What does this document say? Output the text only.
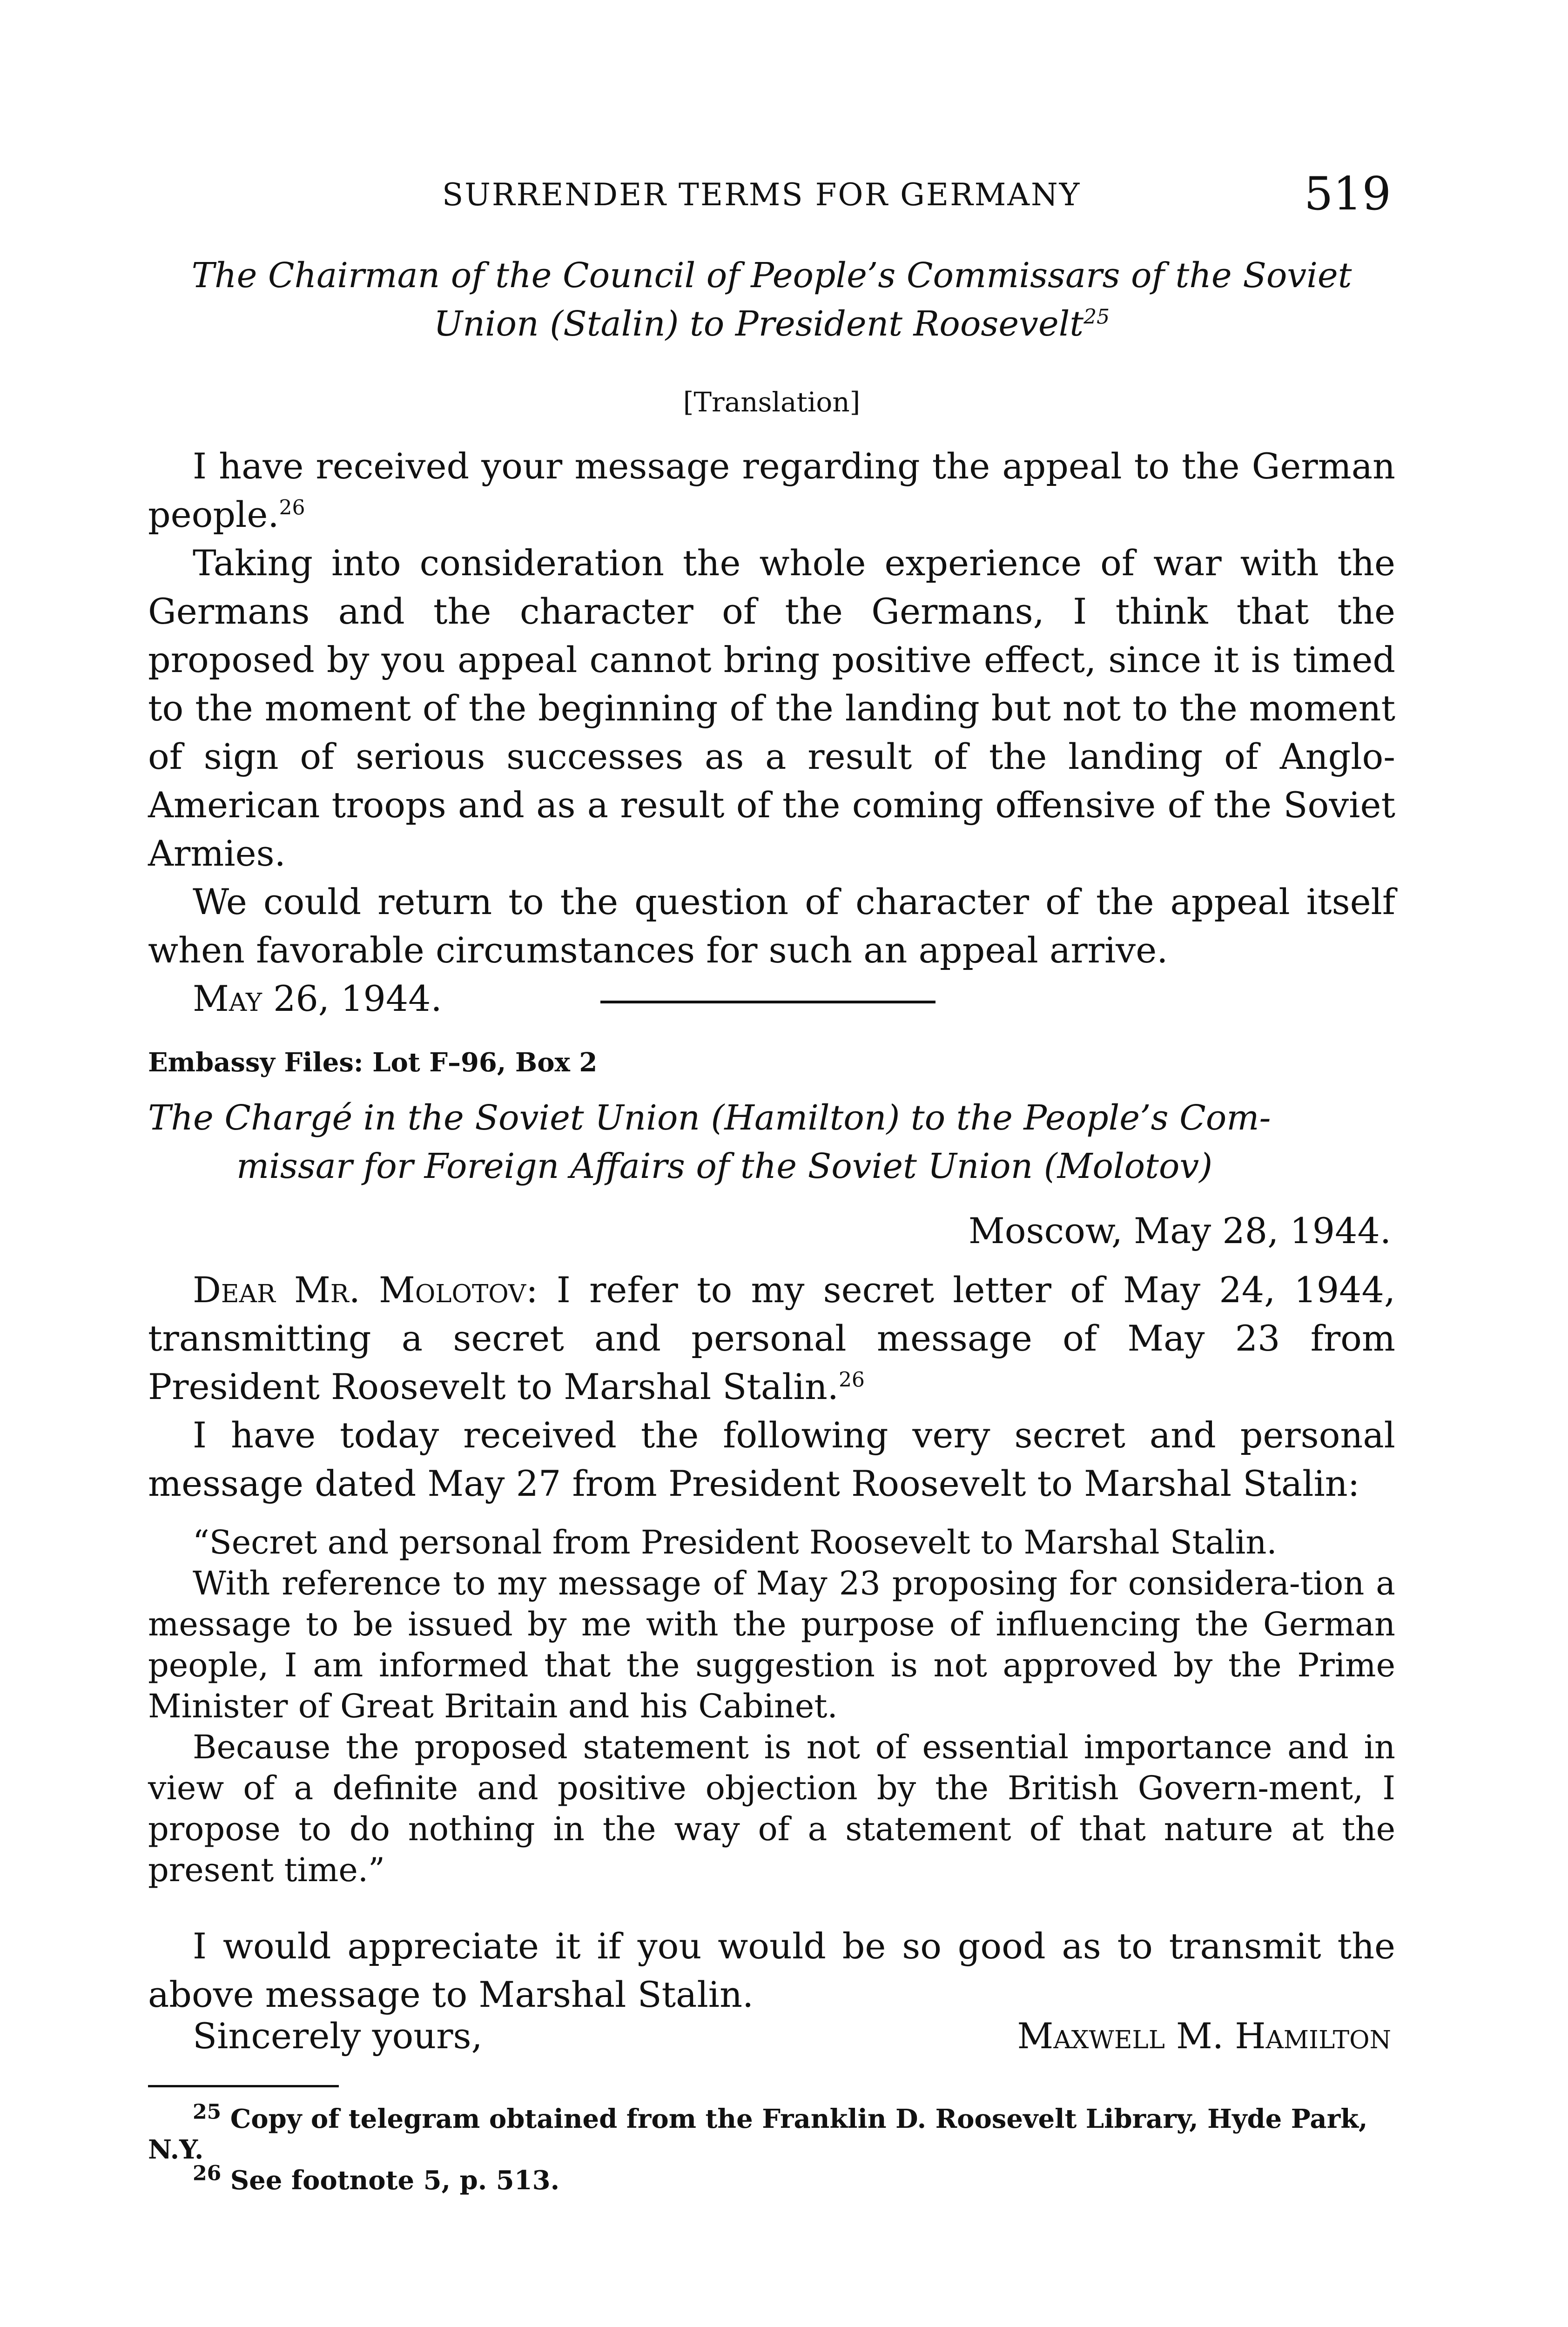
SURRENDER TERMS FOR GERMANY	519
The Chairman of the Council of People’s Commissars of the Soviet
Union (Stalin) to President Roosevelt$^{25}$
[Translation]
I have received your message regarding the appeal to the German people.$^{26}$
Taking into consideration the whole experience of war with the Germans and the character of the Germans, I think that the proposed by you appeal cannot bring positive effect, since it is timed to the moment of the beginning of the landing but not to the moment of sign of serious successes as a result of the landing of Anglo-American troops and as a result of the coming offensive of the Soviet Armies.
We could return to the question of character of the appeal itself when favorable circumstances for such an appeal arrive.
May 26, 1944.
Embassy Files: Lot F–96, Box 2
The Chargé in the Soviet Union (Hamilton) to the People’s Com-
missar for Foreign Affairs of the Soviet Union (Molotov)
Moscow, May 28, 1944.
Dear Mr. Molotov: I refer to my secret letter of May 24, 1944, transmitting a secret and personal message of May 23 from President Roosevelt to Marshal Stalin.$^{26}$
I have today received the following very secret and personal message dated May 27 from President Roosevelt to Marshal Stalin:
“Secret and personal from President Roosevelt to Marshal Stalin.
With reference to my message of May 23 proposing for considera-tion a message to be issued by me with the purpose of influencing the German people, I am informed that the suggestion is not approved by the Prime Minister of Great Britain and his Cabinet.
Because the proposed statement is not of essential importance and in view of a definite and positive objection by the British Govern-ment, I propose to do nothing in the way of a statement of that nature at the present time.”
I would appreciate it if you would be so good as to transmit the above message to Marshal Stalin.
Sincerely yours,	Maxwell M. Hamilton
$^{25}$ Copy of telegram obtained from the Franklin D. Roosevelt Library, Hyde Park, N.Y.
$^{26}$ See footnote 5, p. 513.
